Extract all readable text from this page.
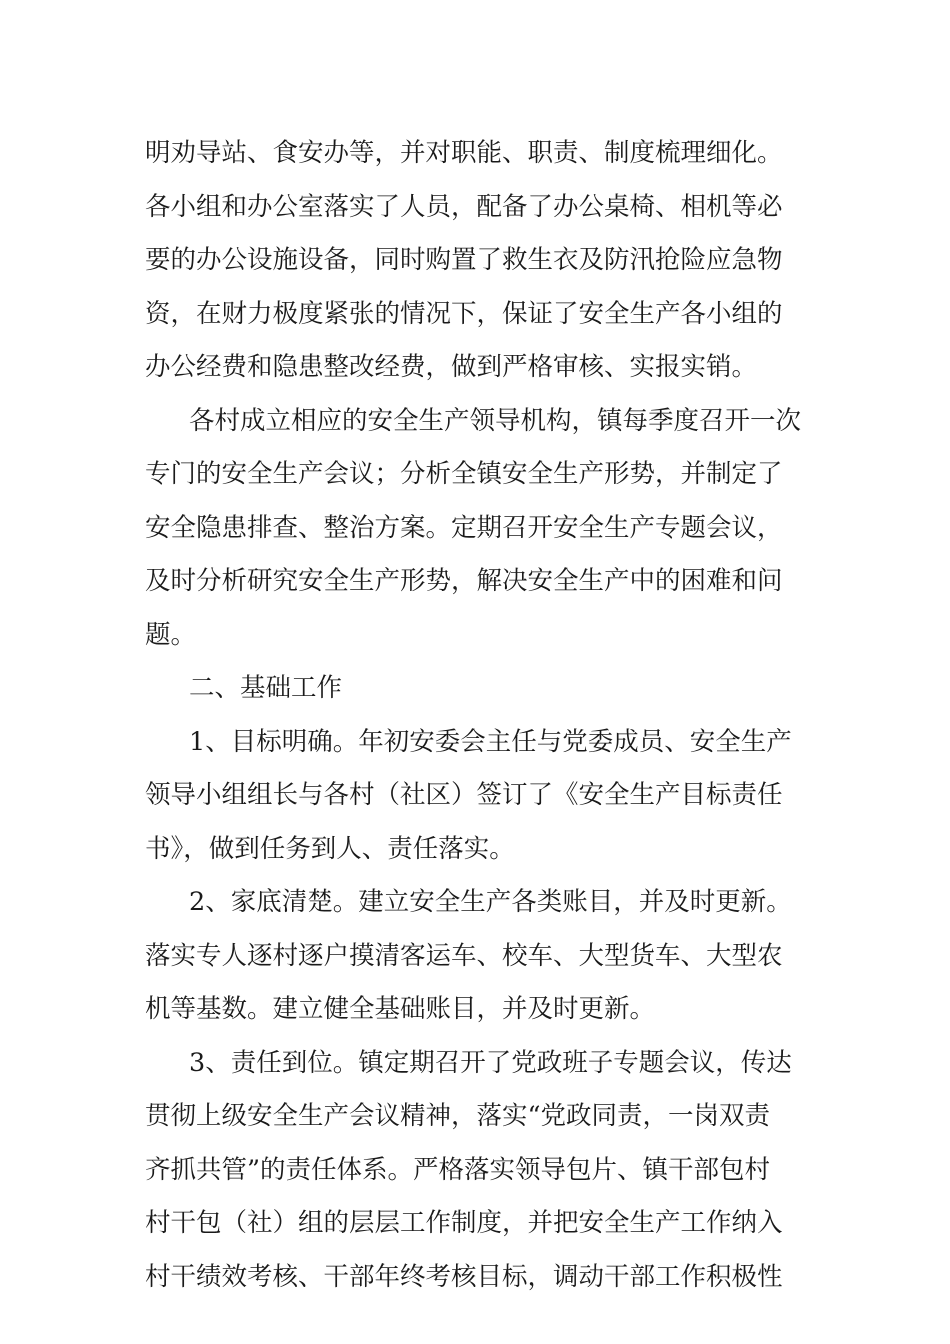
明劝导站、食安办等，并对职能、职责、制度梳理细化。
各小组和办公室落实了人员，配备了办公桌椅、相机等必
要的办公设施设备，同时购置了救生衣及防汛抢险应急物
资，在财力极度紧张的情况下，保证了安全生产各小组的
办公经费和隐患整改经费，做到严格审核、实报实销。
各村成立相应的安全生产领导机构，镇每季度召开一次
专门的安全生产会议；分析全镇安全生产形势，并制定了
安全隐患排查、整治方案。定期召开安全生产专题会议，
及时分析研究安全生产形势，解决安全生产中的困难和问
题。
二、基础工作
1、目标明确。年初安委会主任与党委成员、安全生产
领导小组组长与各村（社区）签订了《安全生产目标责任
书》，做到任务到人、责任落实。
2、家底清楚。建立安全生产各类账目，并及时更新。
落实专人逐村逐户摸清客运车、校车、大型货车、大型农
机等基数。建立健全基础账目，并及时更新。
3、责任到位。镇定期召开了党政班子专题会议，传达
贯彻上级安全生产会议精神，落实“党政同责，一岗双责
齐抓共管”的责任体系。严格落实领导包片、镇干部包村
村干包（社）组的层层工作制度，并把安全生产工作纳入
村干绩效考核、干部年终考核目标，调动干部工作积极性
